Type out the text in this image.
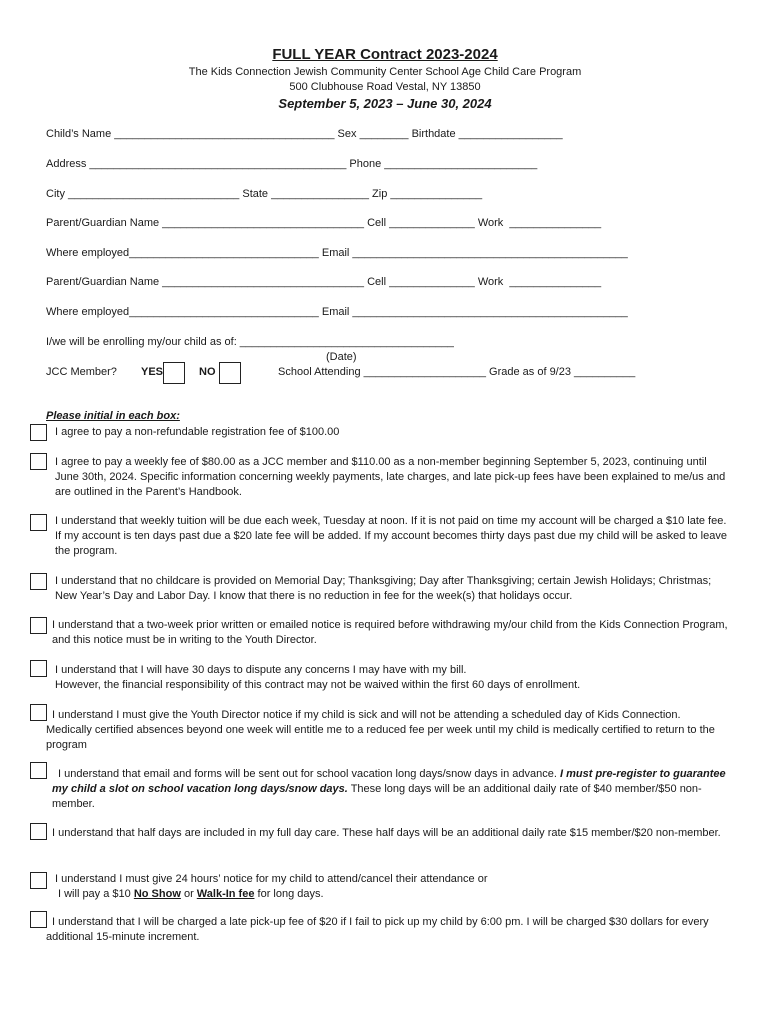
FULL YEAR Contract 2023-2024
The Kids Connection Jewish Community Center School Age Child Care Program
500 Clubhouse Road Vestal, NY 13850
September 5, 2023 – June 30, 2024
Child’s Name ____________________________________ Sex ________ Birthdate _________________
Address __________________________________________ Phone _________________________
City ____________________________ State ________________ Zip _______________
Parent/Guardian Name _________________________________ Cell ______________ Work  _______________
Where employed_______________________________ Email _____________________________________________
Parent/Guardian Name _________________________________ Cell ______________ Work  _______________
Where employed_______________________________ Email _____________________________________________
I/we will be enrolling my/our child as of: ___________________________________
(Date)
JCC Member? YES	NO	School Attending ____________________ Grade as of 9/23 __________
Please initial in each box:
I agree to pay a non-refundable registration fee of $100.00
I agree to pay a weekly fee of $80.00 as a JCC member and $110.00 as a non-member beginning September 5, 2023, continuing until June 30th, 2024. Specific information concerning weekly payments, late charges, and late pick-up fees have been explained to me/us and are outlined in the Parent’s Handbook.
I understand that weekly tuition will be due each week, Tuesday at noon. If it is not paid on time my account will be charged a $10 late fee. If my account is ten days past due a $20 late fee will be added. If my account becomes thirty days past due my child will be asked to leave the program.
I understand that no childcare is provided on Memorial Day; Thanksgiving; Day after Thanksgiving; certain Jewish Holidays; Christmas; New Year’s Day and Labor Day. I know that there is no reduction in fee for the week(s) that holidays occur.
I understand that a two-week prior written or emailed notice is required before withdrawing my/our child from the Kids Connection Program, and this notice must be in writing to the Youth Director.
I understand that I will have 30 days to dispute any concerns I may have with my bill.
However, the financial responsibility of this contract may not be waived within the first 60 days of enrollment.
I understand I must give the Youth Director notice if my child is sick and will not be attending a scheduled day of Kids Connection. Medically certified absences beyond one week will entitle me to a reduced fee per week until my child is medically certified to return to the program
I understand that email and forms will be sent out for school vacation long days/snow days in advance. I must pre-register to guarantee my child a slot on school vacation long days/snow days. These long days will be an additional daily rate of $40 member/$50 non-member.
I understand that half days are included in my full day care. These half days will be an additional daily rate $15 member/$20 non-member.
I understand I must give 24 hours’ notice for my child to attend/cancel their attendance or
I will pay a $10 No Show or Walk-In fee for long days.
I understand that I will be charged a late pick-up fee of $20 if I fail to pick up my child by 6:00 pm. I will be charged $30 dollars for every additional 15-minute increment.
